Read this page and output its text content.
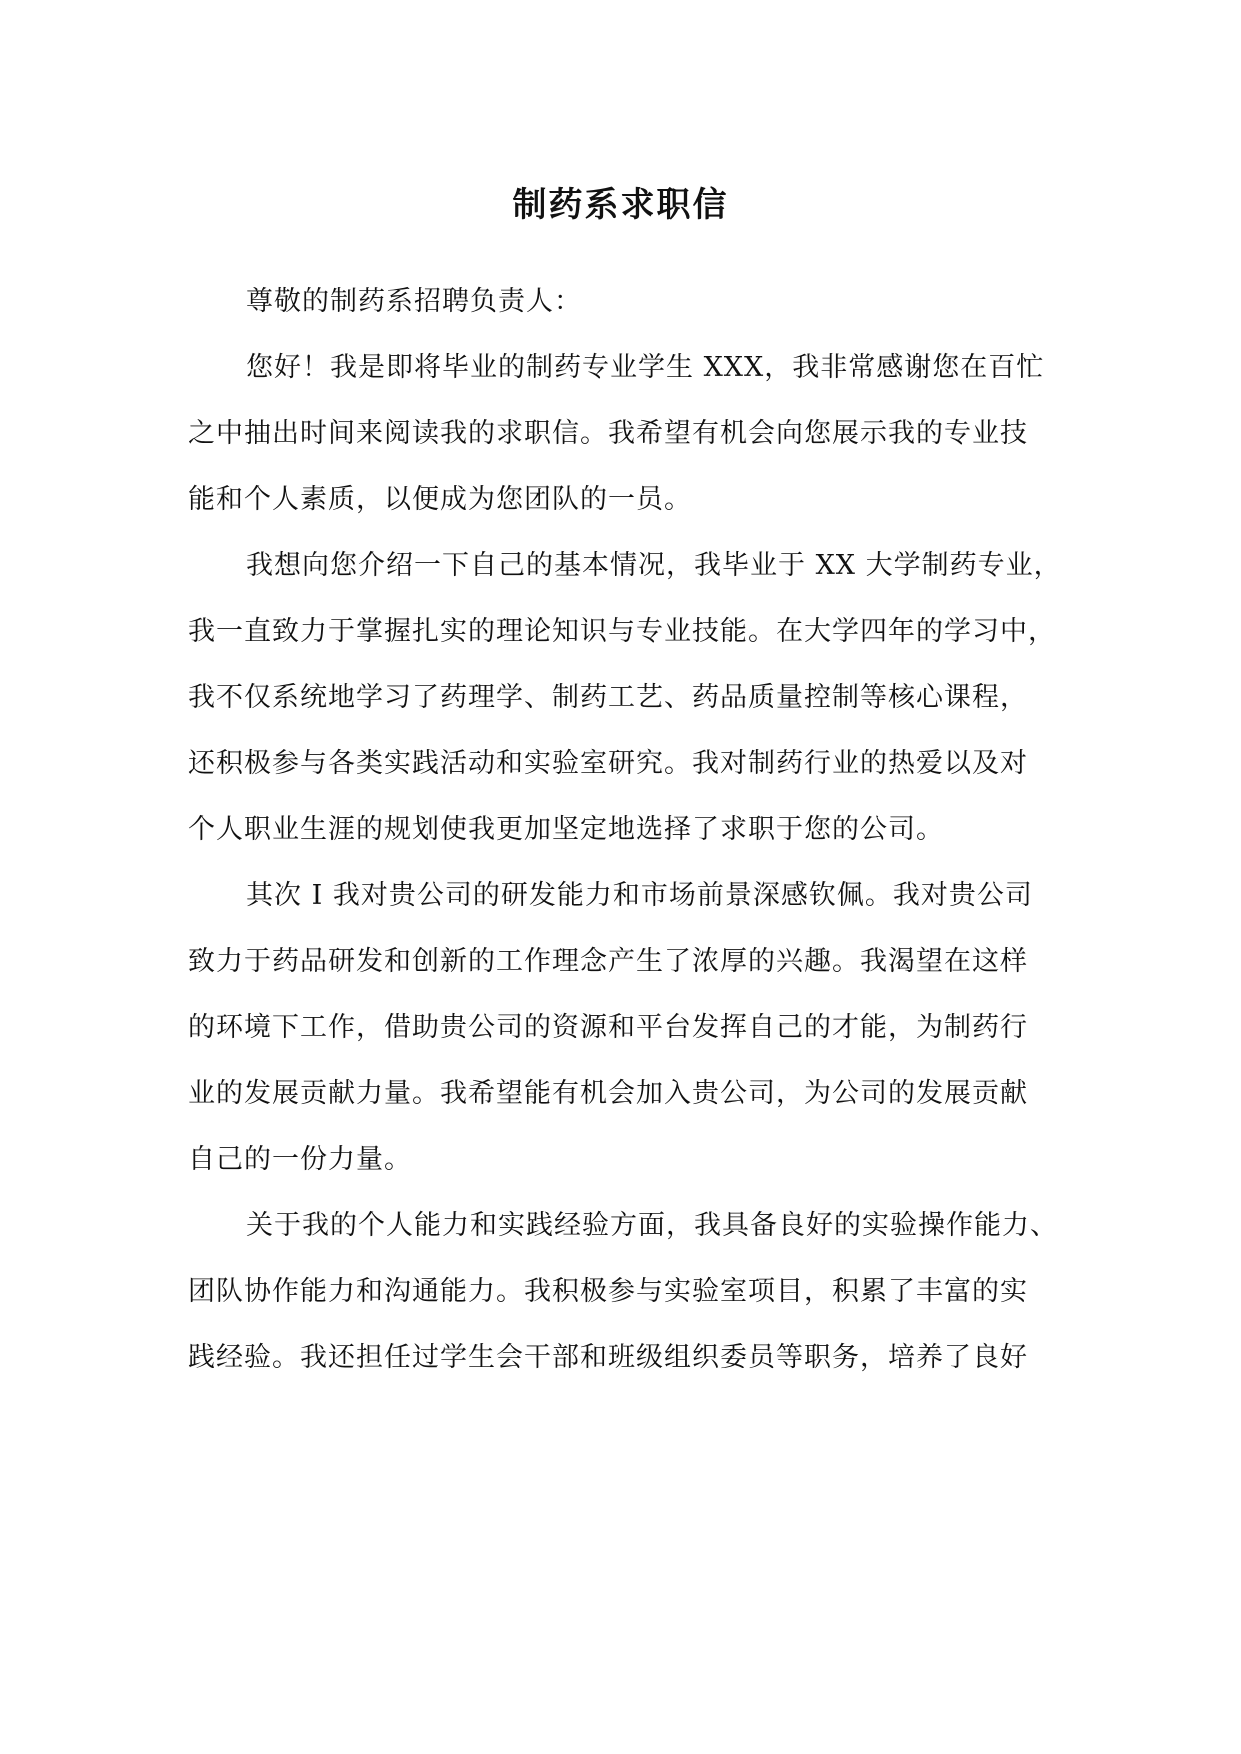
制药系求职信
尊敬的制药系招聘负责人：
您好！我是即将毕业的制药专业学生 XXX，我非常感谢您在百忙
之中抽出时间来阅读我的求职信。我希望有机会向您展示我的专业技
能和个人素质，以便成为您团队的一员。
我想向您介绍一下自己的基本情况，我毕业于 XX 大学制药专业，
我一直致力于掌握扎实的理论知识与专业技能。在大学四年的学习中，
我不仅系统地学习了药理学、制药工艺、药品质量控制等核心课程，
还积极参与各类实践活动和实验室研究。我对制药行业的热爱以及对
个人职业生涯的规划使我更加坚定地选择了求职于您的公司。
其次 I 我对贵公司的研发能力和市场前景深感钦佩。我对贵公司
致力于药品研发和创新的工作理念产生了浓厚的兴趣。我渴望在这样
的环境下工作，借助贵公司的资源和平台发挥自己的才能，为制药行
业的发展贡献力量。我希望能有机会加入贵公司，为公司的发展贡献
自己的一份力量。
关于我的个人能力和实践经验方面，我具备良好的实验操作能力、
团队协作能力和沟通能力。我积极参与实验室项目，积累了丰富的实
践经验。我还担任过学生会干部和班级组织委员等职务，培养了良好
